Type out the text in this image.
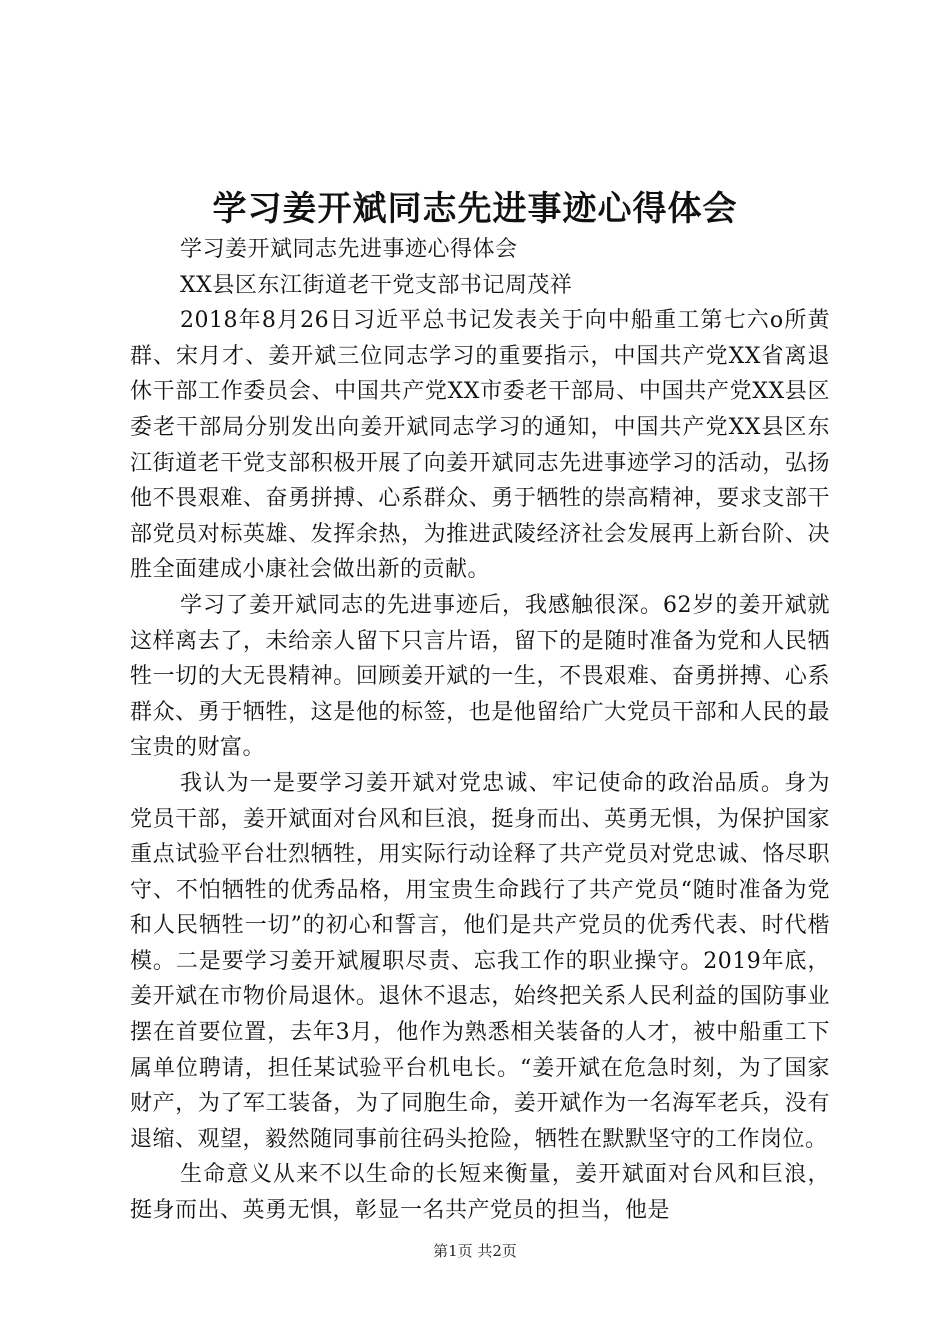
学习姜开斌同志先进事迹心得体会

学习姜开斌同志先进事迹心得体会

XX县区东江街道老干党支部书记周茂祥

2018年8月26日习近平总书记发表关于向中船重工第七六o所黄群、宋月才、姜开斌三位同志学习的重要指示，中国共产党XX省离退休干部工作委员会、中国共产党XX市委老干部局、中国共产党XX县区委老干部局分别发出向姜开斌同志学习的通知，中国共产党XX县区东江街道老干党支部积极开展了向姜开斌同志先进事迹学习的活动，弘扬他不畏艰难、奋勇拼搏、心系群众、勇于牺牲的崇高精神，要求支部干部党员对标英雄、发挥余热，为推进武陵经济社会发展再上新台阶、决胜全面建成小康社会做出新的贡献。

学习了姜开斌同志的先进事迹后，我感触很深。62岁的姜开斌就这样离去了，未给亲人留下只言片语，留下的是随时准备为党和人民牺牲一切的大无畏精神。回顾姜开斌的一生，不畏艰难、奋勇拼搏、心系群众、勇于牺牲，这是他的标签，也是他留给广大党员干部和人民的最宝贵的财富。

我认为一是要学习姜开斌对党忠诚、牢记使命的政治品质。身为党员干部，姜开斌面对台风和巨浪，挺身而出、英勇无惧，为保护国家重点试验平台壮烈牺牲，用实际行动诠释了共产党员对党忠诚、恪尽职守、不怕牺牲的优秀品格，用宝贵生命践行了共产党员“随时准备为党和人民牺牲一切”的初心和誓言，他们是共产党员的优秀代表、时代楷模。二是要学习姜开斌履职尽责、忘我工作的职业操守。2019年底，姜开斌在市物价局退休。退休不退志，始终把关系人民利益的国防事业摆在首要位置，去年3月，他作为熟悉相关装备的人才，被中船重工下属单位聘请，担任某试验平台机电长。“姜开斌在危急时刻，为了国家财产，为了军工装备，为了同胞生命，姜开斌作为一名海军老兵，没有退缩、观望，毅然随同事前往码头抢险，牺牲在默默坚守的工作岗位。

生命意义从来不以生命的长短来衡量，姜开斌面对台风和巨浪，挺身而出、英勇无惧，彰显一名共产党员的担当，他是

第1页 共2页
